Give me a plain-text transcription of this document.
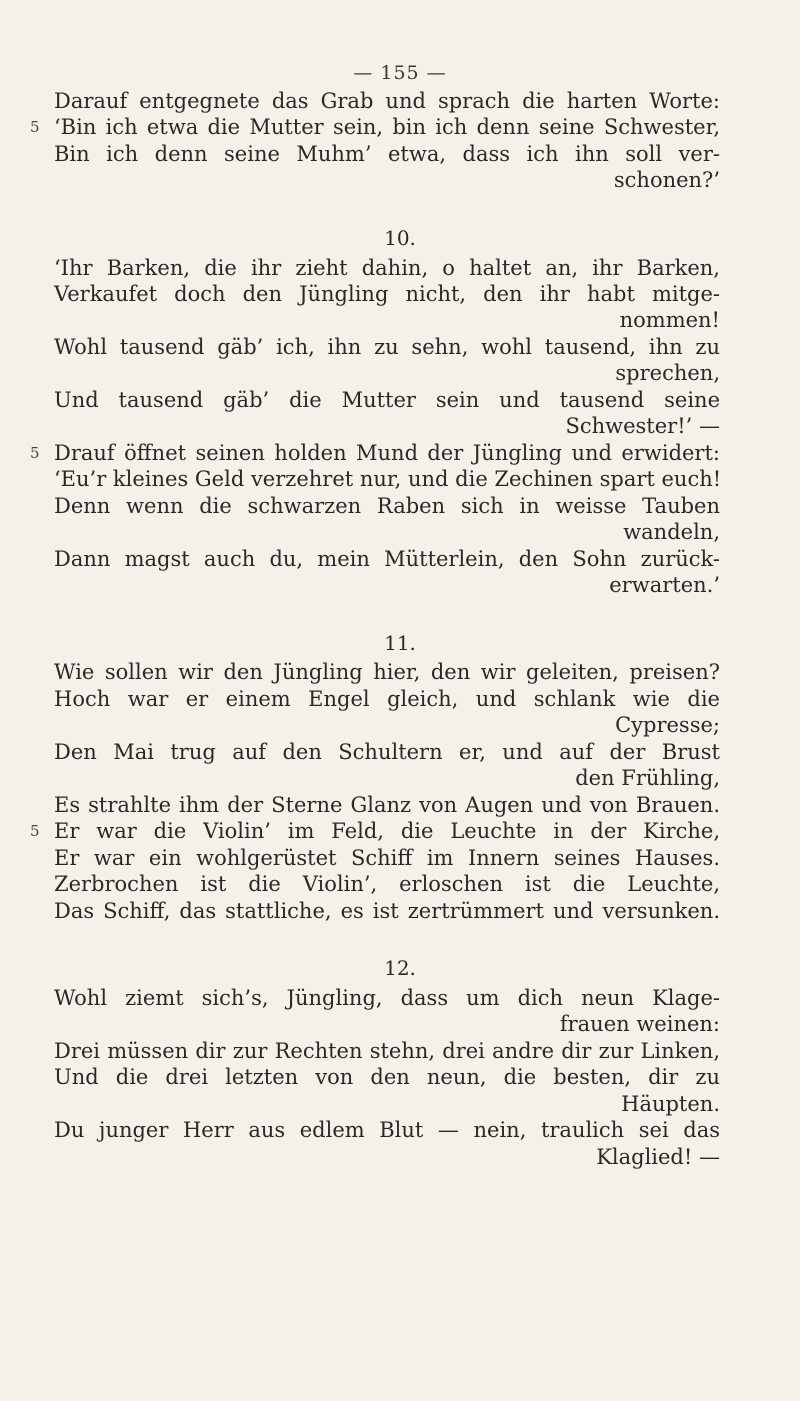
— 155 —
Darauf entgegnete das Grab und sprach die harten Worte:
5 ‘Bin ich etwa die Mutter sein, bin ich denn seine Schwester,
Bin ich denn seine Muhm’ etwa, dass ich ihn soll ver-
schonen?’
10.
‘Ihr Barken, die ihr zieht dahin, o haltet an, ihr Barken,
Verkaufet doch den Jüngling nicht, den ihr habt mitge-
nommen!
Wohl tausend gäb’ ich, ihn zu sehn, wohl tausend, ihn zu
sprechen,
Und tausend gäb’ die Mutter sein und tausend seine
Schwester!’ —
5 Drauf öffnet seinen holden Mund der Jüngling und erwidert:
‘Eu’r kleines Geld verzehret nur, und die Zechinen spart euch!
Denn wenn die schwarzen Raben sich in weisse Tauben
wandeln,
Dann magst auch du, mein Mütterlein, den Sohn zurück-
erwarten.’
11.
Wie sollen wir den Jüngling hier, den wir geleiten, preisen?
Hoch war er einem Engel gleich, und schlank wie die
Cypresse;
Den Mai trug auf den Schultern er, und auf der Brust
den Frühling,
Es strahlte ihm der Sterne Glanz von Augen und von Brauen.
5 Er war die Violin’ im Feld, die Leuchte in der Kirche,
Er war ein wohlgerüstet Schiff im Innern seines Hauses.
Zerbrochen ist die Violin’, erloschen ist die Leuchte,
Das Schiff, das stattliche, es ist zertrümmert und versunken.
12.
Wohl ziemt sich’s, Jüngling, dass um dich neun Klage-
frauen weinen:
Drei müssen dir zur Rechten stehn, drei andre dir zur Linken,
Und die drei letzten von den neun, die besten, dir zu
Häupten.
Du junger Herr aus edlem Blut — nein, traulich sei das
Klaglied! —
